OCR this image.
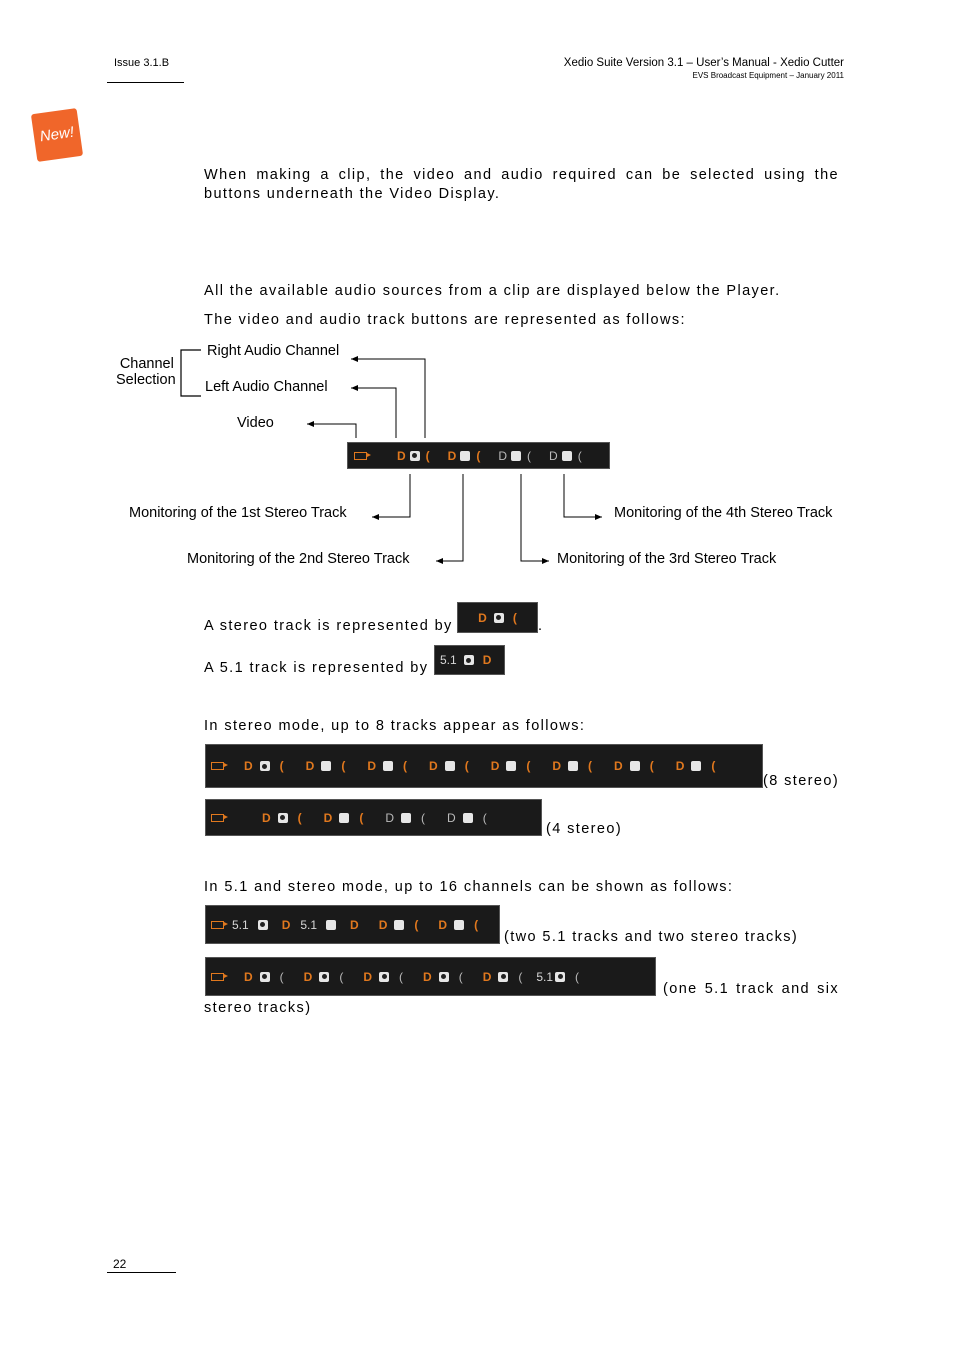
Issue 3.1.B	Xedio Suite Version 3.1 – User’s Manual - Xedio Cutter
EVS Broadcast Equipment – January 2011
New!
When making a clip, the video and audio required can be selected using the buttons underneath the Video Display.
All the available audio sources from a clip are displayed below the Player.
The video and audio track buttons are represented as follows:
Channel
Selection
Right Audio Channel
Left Audio Channel
Video
D ( D ( D ( D (
Monitoring of the 1st Stereo Track
Monitoring of the 2nd Stereo Track	Monitoring of the 3rd Stereo Track
Monitoring of the 4th Stereo Track
A stereo track is represented by
D (
.
A 5.1 track is represented by 5.1 D
In stereo mode, up to 8 tracks appear as follows:
D ( D ( D ( D ( D ( D ( D ( D (
(8 stereo)
D ( D ( D ( D (
(4 stereo)
In 5.1 and stereo mode, up to 16 channels can be shown as follows:
5.1	D 5.1	D D ( D (
(two 5.1 tracks and two stereo tracks)
D ( D ( D ( D ( D ( 5.1 (
(one 5.1 track and six
stereo tracks)
22
